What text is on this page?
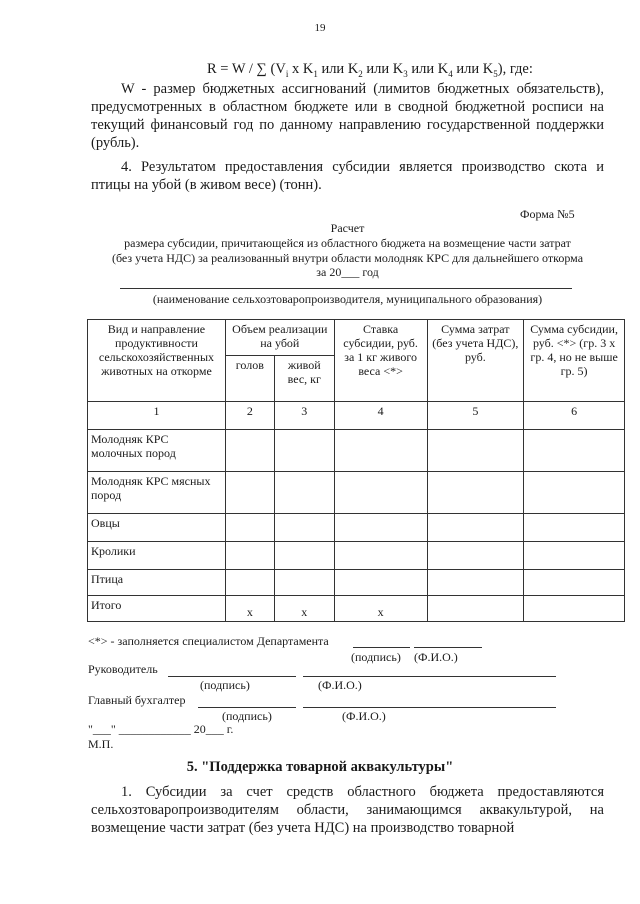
19
R = W / ∑ ($V_i$ x $K_1$ или $K_2$ или $K_3$ или $K_4$ или $K_5$), где:
W - размер бюджетных ассигнований (лимитов бюджетных обязательств), предусмотренных в областном бюджете или в сводной бюджетной росписи на текущий финансовый год по данному направлению государственной поддержки (рубль).
4. Результатом предоставления субсидии является производство скота и птицы на убой (в живом весе) (тонн).
Форма №5
Расчет
размера субсидии, причитающейся из областного бюджета на возмещение части затрат
(без учета НДС) за реализованный внутри области молодняк КРС для дальнейшего откорма
за 20___ год
(наименование сельхозтоваропроизводителя, муниципального образования)
Вид и направление продуктивности сельскохозяйственных животных на откорме	Объем реализации на убой		Ставка субсидии, руб. за 1 кг живого веса <*>	Сумма затрат (без учета НДС), руб.	Сумма субсидии, руб. <*> (гр. 3 х гр. 4, но не выше гр. 5)
	голов	живой вес, кг			
1	2	3	4	5	6
Молодняк КРС молочных пород					
Молодняк КРС мясных пород					
Овцы					
Кролики					
Птица					
Итого	x	x	x		
<*> - заполняется специалистом Департамента
(подпись) (Ф.И.О.)
Руководитель
(подпись)	(Ф.И.О.)
Главный бухгалтер
(подпись)	(Ф.И.О.)
"___" ____________ 20___ г.
М.П.
5. "Поддержка товарной аквакультуры"
1. Субсидии за счет средств областного бюджета предоставляются сельхозтоваропроизводителям области, занимающимся аквакультурой, на возмещение части затрат (без учета НДС) на производство товарной
